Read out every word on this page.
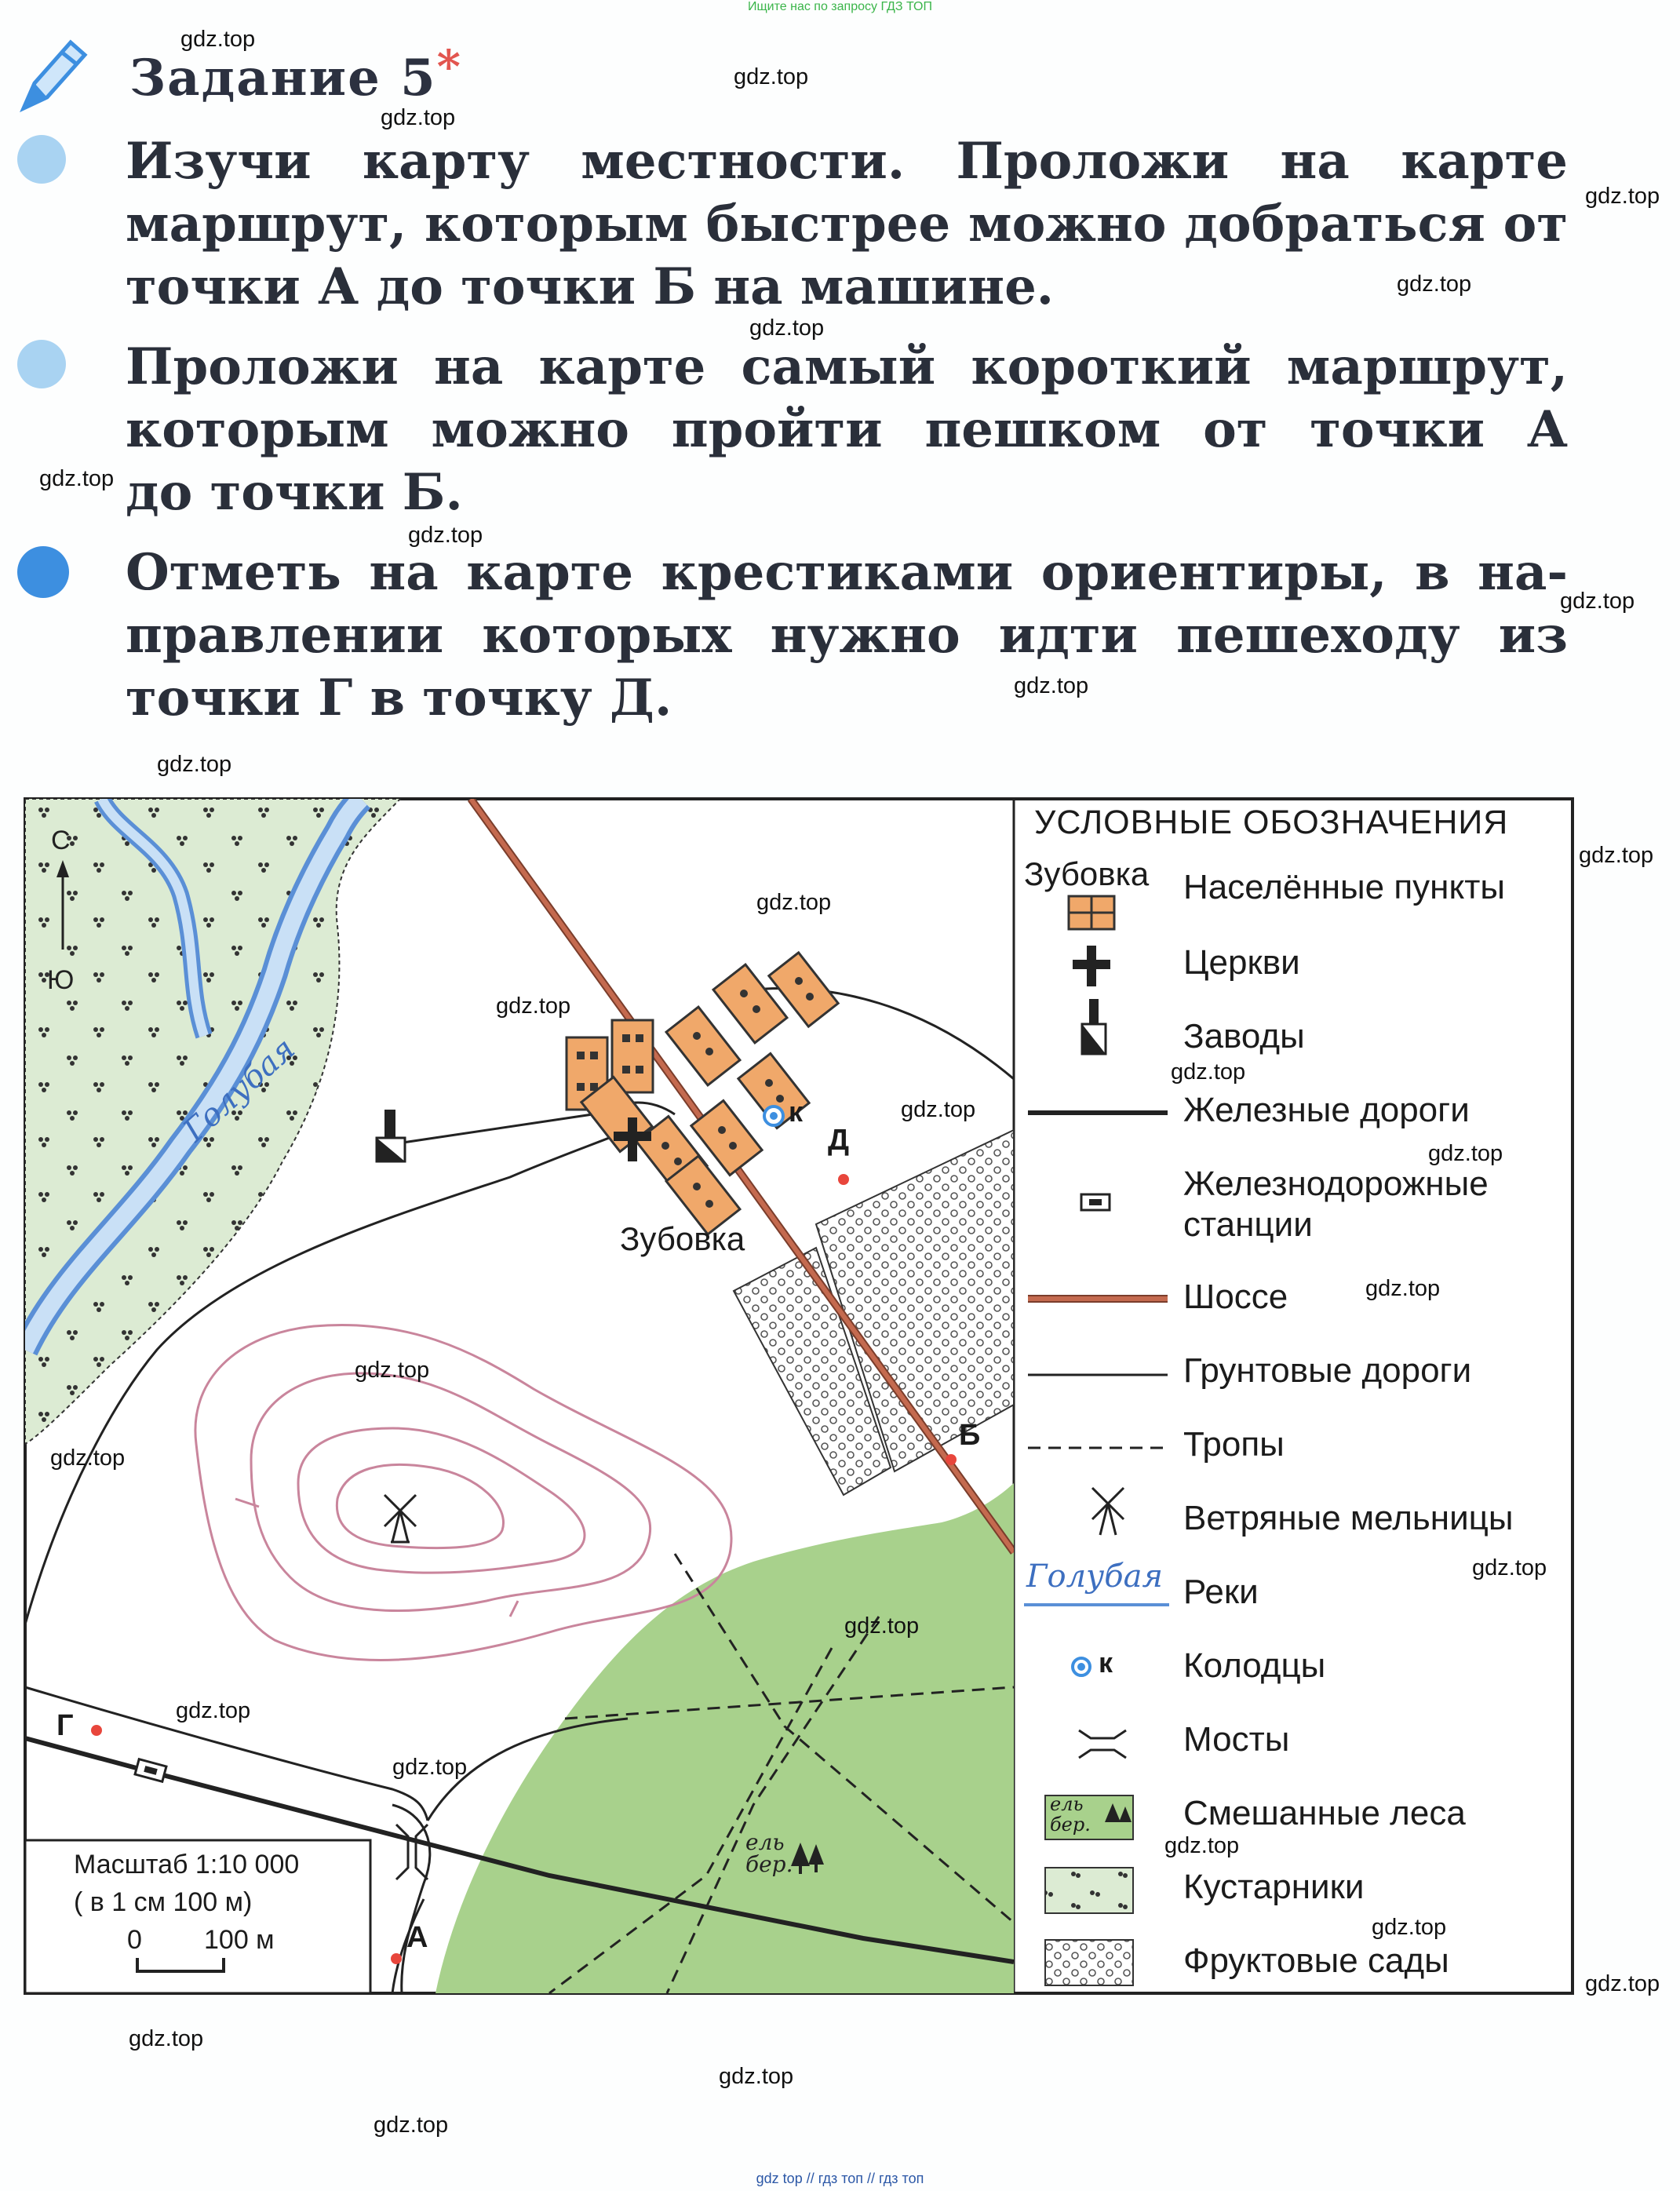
Ищите нас по запросу ГДЗ ТОП
Задание 5*
Изучи карту местности. Проложи на карте
маршрут, которым быстрее можно добраться от
точки А до точки Б на машине.
Проложи на карте самый короткий маршрут,
которым можно пройти пешком от точки А
до точки Б.
Отметь на карте крестиками ориентиры, в на-
правлении которых нужно идти пешеходу из
точки Г в точку Д.
С
Ю
Голубая
Зубовка
к
Д
Б
Г
А
ель
бер.
Масштаб 1:10 000
( в 1 см 100 м)
0 100 м
УСЛОВНЫЕ ОБОЗНАЧЕНИЯ
Зубовка Населённые пункты
Церкви
Заводы
Железные дороги
Железнодорожные
станции
Шоссе
Грунтовые дороги
Тропы
Ветряные мельницы
Голубая Реки
к Колодцы
Мосты
ель
бер.	Смешанные леса
Кустарники
Фруктовые сады
gdz.top
gdz.top
gdz.top
gdz.top
gdz.top
gdz.top
gdz.top
gdz.top
gdz.top
gdz.top
gdz.top
gdz.top
gdz.top
gdz.top
gdz.top
gdz.top
gdz.top
gdz.top
gdz.top
gdz.top
gdz.top
gdz.top
gdz.top
gdz.top
gdz.top
gdz.top
gdz.top
gdz.top
gdz.top
gdz.top
gdz top // гдз топ // гдз топ
